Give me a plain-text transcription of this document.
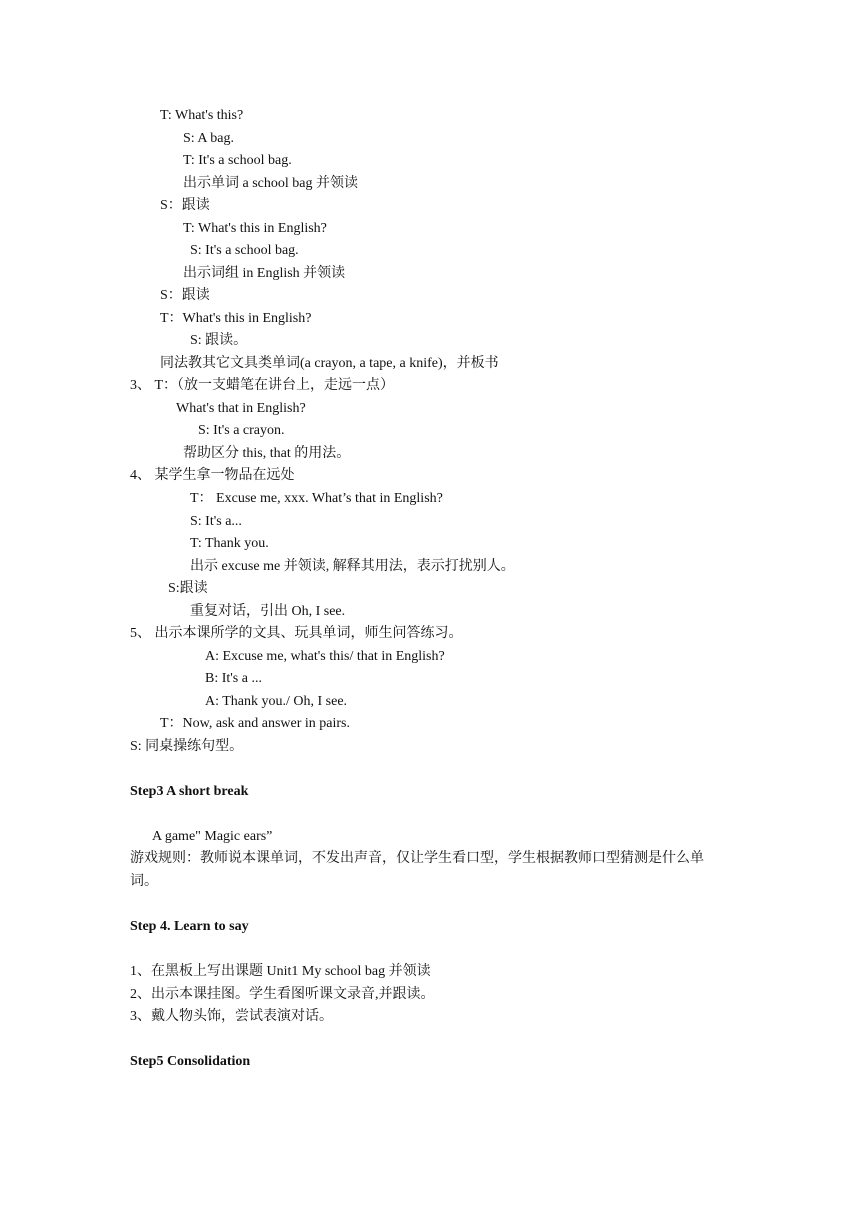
T: What's this?
S: A bag.
T: It's a school bag.
出示单词 a school bag 并领读
S：跟读
T: What's this in English?
S: It's a school bag.
出示词组 in English 并领读
S：跟读
T：What's this in English?
S: 跟读。
同法教其它文具类单词(a crayon, a tape, a knife)，并板书
3、 T：（放一支蜡笔在讲台上，走远一点）
What's that in English?
S: It's a crayon.
帮助区分 this, that 的用法。
4、 某学生拿一物品在远处
T： Excuse me, xxx. What’s that in English?
S: It's a...
T: Thank you.
出示 excuse me 并领读, 解释其用法，表示打扰别人。
S:跟读
重复对话，引出 Oh, I see.
5、 出示本课所学的文具、玩具单词，师生问答练习。
A: Excuse me, what's this/ that in English?
B: It's a ...
A: Thank you./ Oh, I see.
T：Now, ask and answer in pairs.
S: 同桌操练句型。
Step3 A short break
A game" Magic ears”
游戏规则：教师说本课单词，不发出声音，仅让学生看口型，学生根据教师口型猜测是什么单词。
Step 4. Learn to say
1、在黑板上写出课题 Unit1 My school bag 并领读
2、出示本课挂图。学生看图听课文录音,并跟读。
3、戴人物头饰，尝试表演对话。
Step5 Consolidation
